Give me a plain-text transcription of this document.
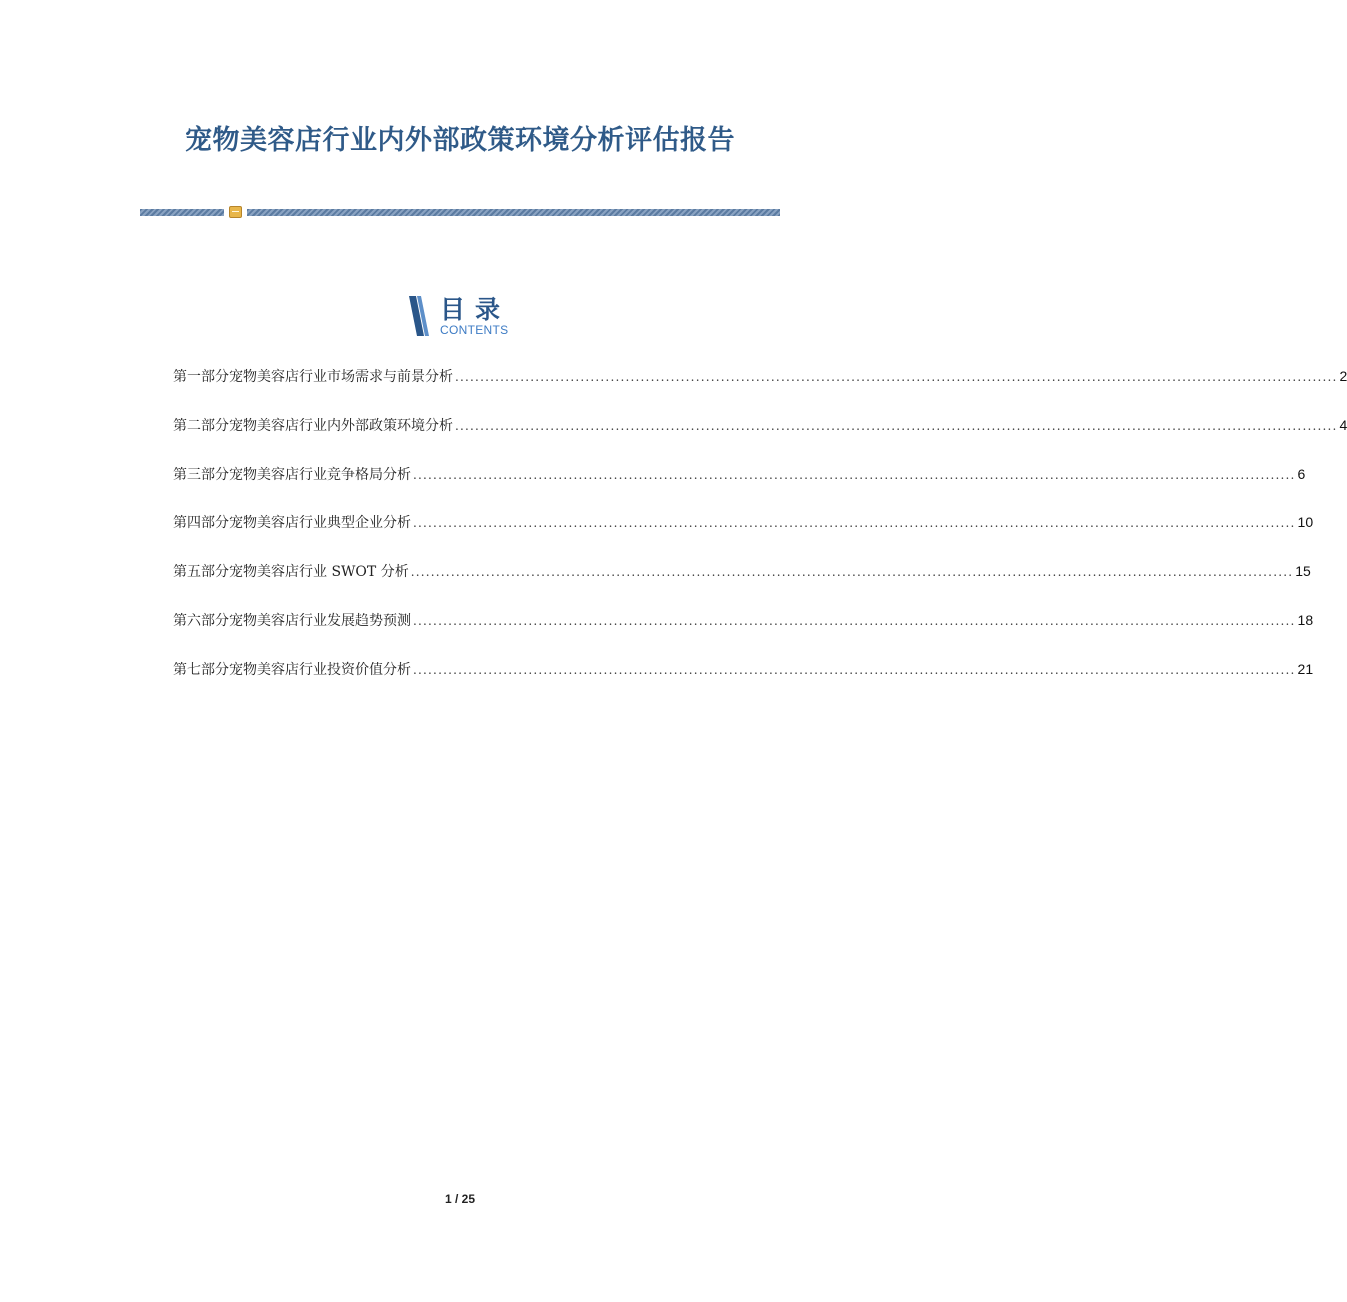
宠物美容店行业内外部政策环境分析评估报告
目录
CONTENTS
第一部分 宠物美容店行业市场需求与前景分析 .....	2
第二部分 宠物美容店行业内外部政策环境分析 .....	4
第三部分 宠物美容店行业竞争格局分析 .....	6
第四部分 宠物美容店行业典型企业分析 .....	10
第五部分 宠物美容店行业 SWOT 分析 .....	15
第六部分 宠物美容店行业发展趋势预测 .....	18
第七部分 宠物美容店行业投资价值分析 .....	21
1 / 25
